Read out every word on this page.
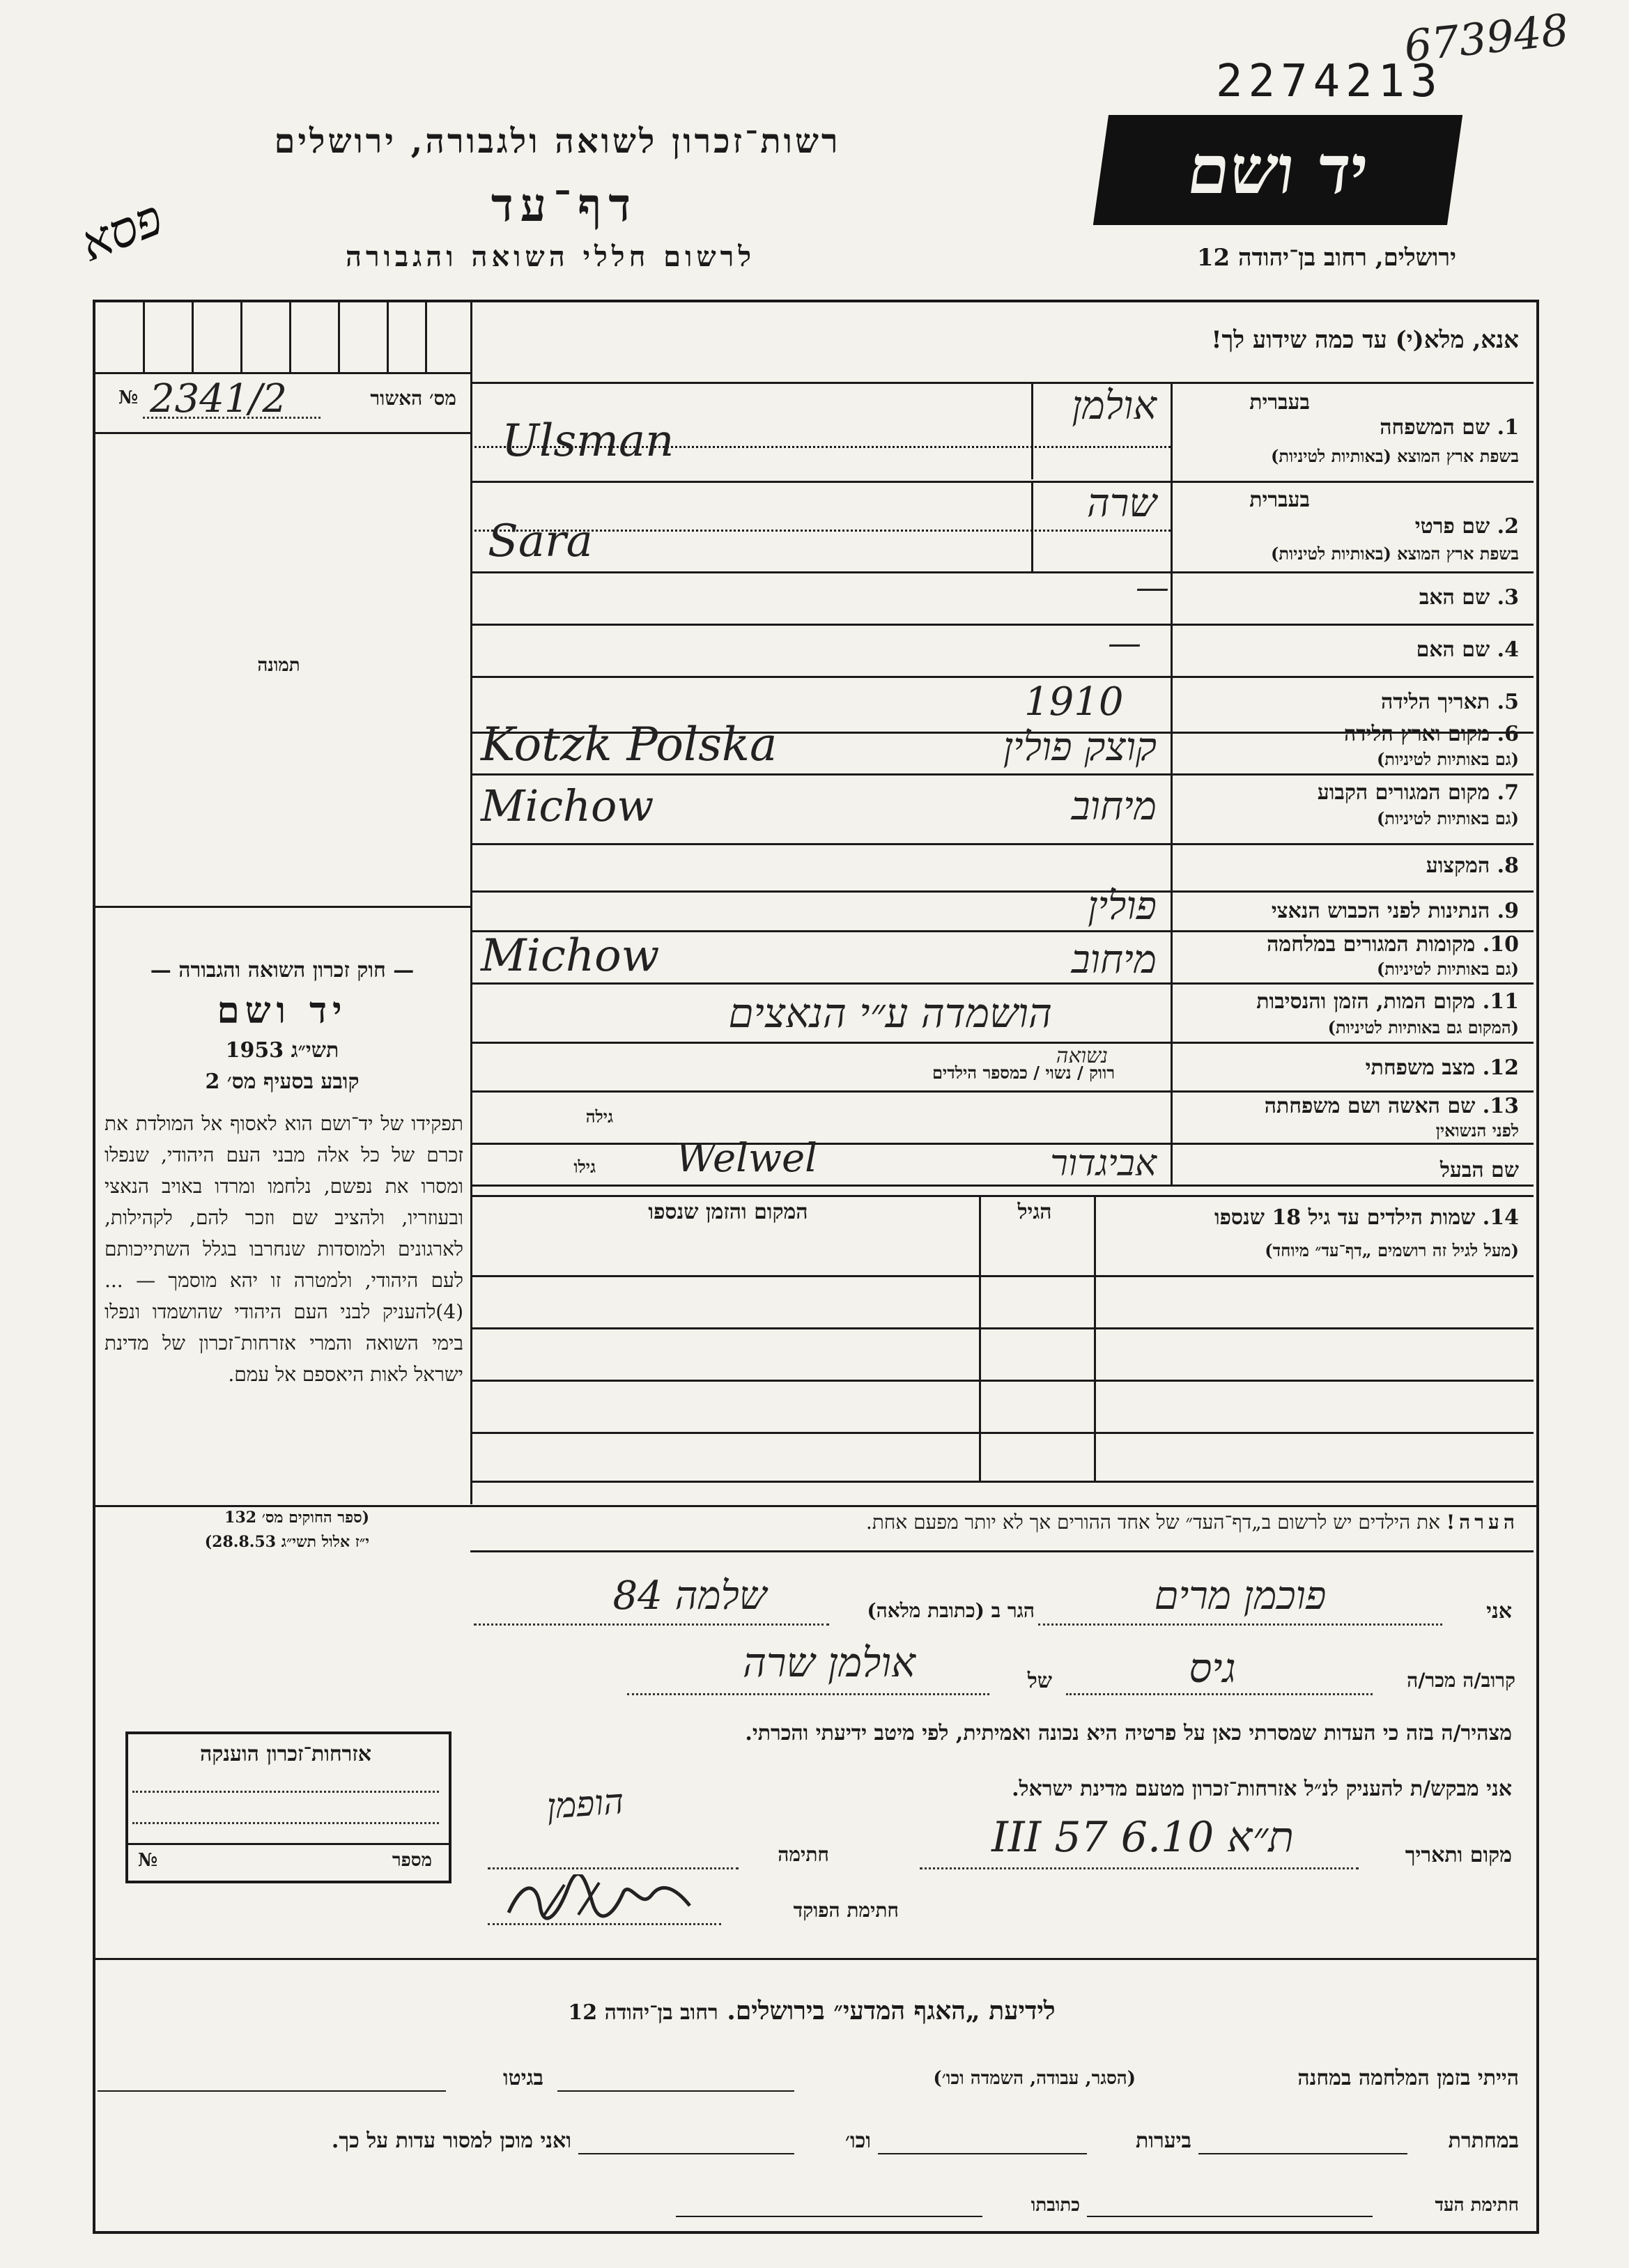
673948
2274213
רשות־זכרון לשואה ולגבורה, ירושלים
דף־עד
לרשום חללי השואה והגבורה
יד ושם
ירושלים, רחוב בן־יהודה 12
פסא
אנא, מלא(י) עד כמה שידוע לך!
מס׳ האשור
№ 2341/2
תמונה
בעברית
1. שם המשפחה
בשפת ארץ המוצא (באותיות לטיניות)
אולמן
Ulsman
בעברית
2. שם פרטי
בשפת ארץ המוצא (באותיות לטיניות)
שרה
Sara
3. שם האב
—
4. שם האם
—
5. תאריך הלידה
1910
6. מקום וארץ הלידה
(גם באותיות לטיניות)
קוצק פולין
Kotzk Polska
7. מקום המגורים הקבוע
(גם באותיות לטיניות)
מיחוב
Michow
8. המקצוע
9. הנתינות לפני הכבוש הנאצי
פולין
10. מקומות המגורים במלחמה
(גם באותיות לטיניות)
מיחוב
Michow
11. מקום המות, הזמן והנסיבות
(המקום גם באותיות לטיניות)
הושמדה ע״י הנאצים
12. מצב משפחתי
רווק / נשוי / כמספר הילדים
נשואה
13. שם האשה ושם משפחתה
לפני הנשואין
גילה
שם הבעל
אביגדור
גילו Welwel
14. שמות הילדים עד גיל 18 שנספו
(מעל לגיל זה רושמים „דף־עד״ מיוחד)
הגיל
המקום והזמן שנספו
הערה! את הילדים יש לרשום ב„דף־העד״ של אחד ההורים אך לא יותר מפעם אחת.
— חוק זכרון השואה והגבורה —
יד ושם
תשי״ג 1953
קובע בסעיף מס׳ 2
תפקידו של יד־ושם הוא לאסוף אל המולדת את זכרם של כל אלה מבני העם היהודי, שנפלו ומסרו את נפשם, נלחמו ומרדו באויב הנאצי ובעוזריו, ולהציב שם וזכר להם, לקהילות, לארגונים ולמוסדות שנחרבו בגלל השתייכותם לעם היהודי, ולמטרה זו יהא מוסמך — ...(4)להעניק לבני העם היהודי שהושמדו ונפלו בימי השואה והמרי אזרחות־זכרון של מדינת ישראל לאות היאספם אל עמם.
(ספר החוקים מס׳ 132
י״ז אלול תשי״ג 28.8.53)
אני
פוכמן מרים
הגר ב (כתובת מלאה)
שלמה 84
קרוב/ה מכר/ה
גיס
של
אולמן שרה
מצהיר/ה בזה כי העדות שמסרתי כאן על פרטיה היא נכונה ואמיתית, לפי מיטב ידיעתי והכרתי.
אני מבקש/ת להעניק לנ״ל אזרחות־זכרון מטעם מדינת ישראל.
מקום ותאריך
ת״א 6.10 III 57
חתימה
הופמן
חתימת הפוקד
אזרחות־זכרון הוענקה
מספר
№
לידיעת „האגף המדעי״ בירושלים. רחוב בן־יהודה 12
הייתי בזמן המלחמה במחנה
(הסגר, עבודה, השמדה וכו׳)
בגיטו
במחתרת
ביערות
וכו׳
ואני מוכן למסור עדות על כך.
חתימת העד
כתובתו
